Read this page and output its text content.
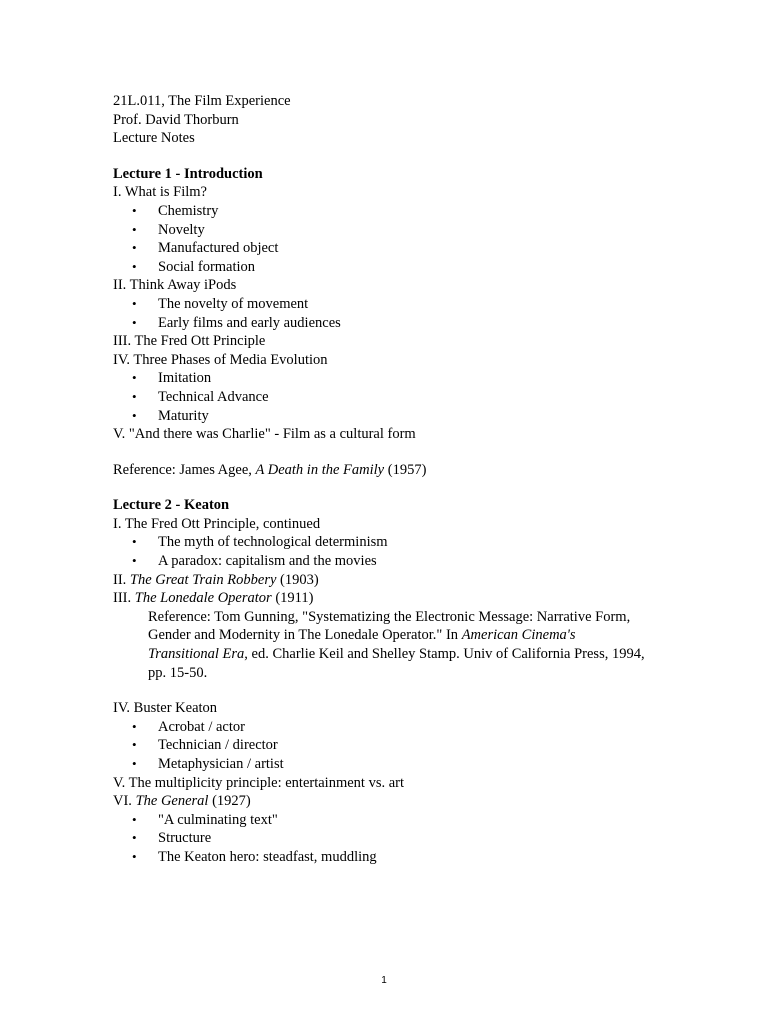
21L.011, The Film Experience
Prof. David Thorburn
Lecture Notes
Lecture 1 - Introduction
I. What is Film?
• Chemistry
• Novelty
• Manufactured object
• Social formation
II. Think Away iPods
• The novelty of movement
• Early films and early audiences
III. The Fred Ott Principle
IV. Three Phases of Media Evolution
• Imitation
• Technical Advance
• Maturity
V. "And there was Charlie" - Film as a cultural form
Reference: James Agee, A Death in the Family (1957)
Lecture 2 - Keaton
I. The Fred Ott Principle, continued
• The myth of technological determinism
• A paradox: capitalism and the movies
II. The Great Train Robbery (1903)
III. The Lonedale Operator (1911)
Reference: Tom Gunning, "Systematizing the Electronic Message: Narrative Form, Gender and Modernity in The Lonedale Operator." In American Cinema's Transitional Era, ed. Charlie Keil and Shelley Stamp. Univ of California Press, 1994, pp. 15-50.
IV. Buster Keaton
• Acrobat / actor
• Technician / director
• Metaphysician / artist
V. The multiplicity principle: entertainment vs. art
VI. The General (1927)
• "A culminating text"
• Structure
• The Keaton hero: steadfast, muddling
1
